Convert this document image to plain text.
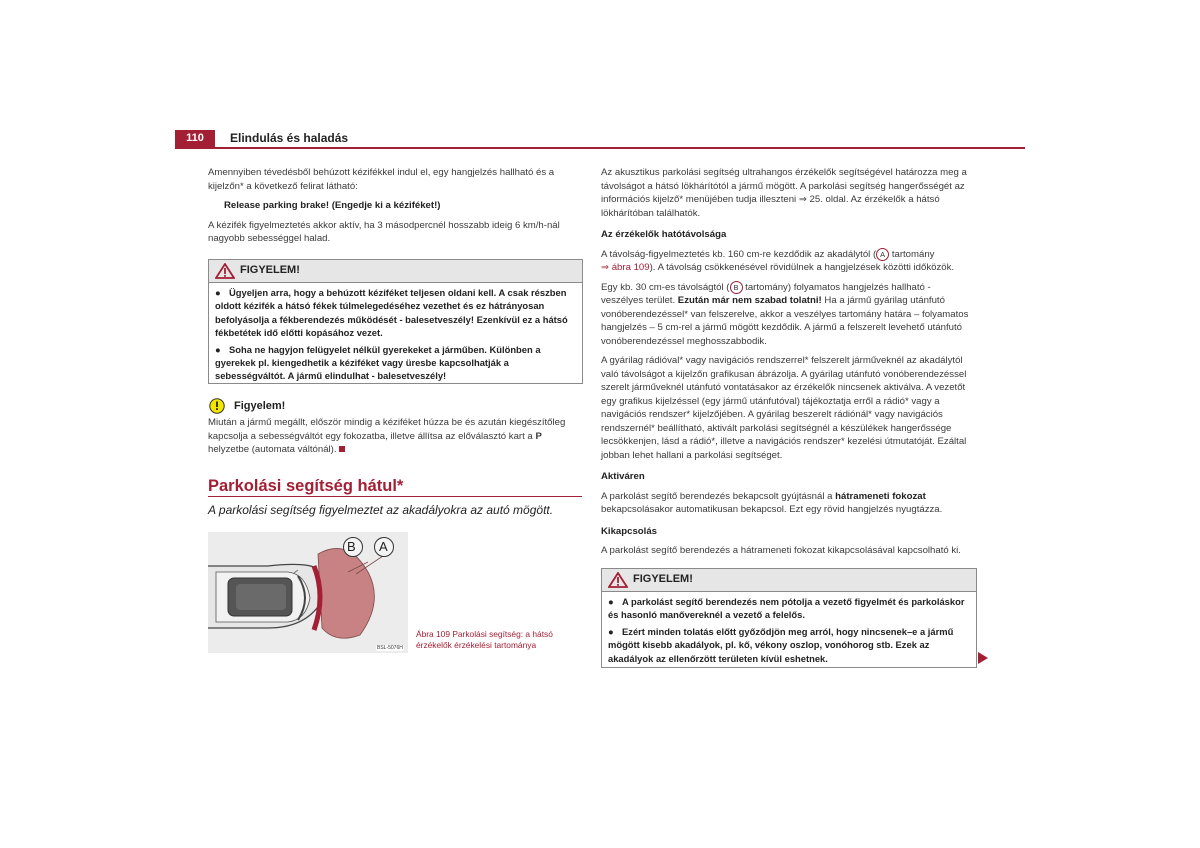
110	Elindulás és haladás

Amennyiben tévedésből behúzott kézifékkel indul el, egy hangjelzés hallható és a kijelzőn* a következő felirat látható:

Release parking brake! (Engedje ki a kéziféket!)

A kézifék figyelmeztetés akkor aktív, ha 3 másodpercnél hosszabb ideig 6 km/h-nál nagyobb sebességgel halad.

FIGYELEM!

● Ügyeljen arra, hogy a behúzott kéziféket teljesen oldani kell. A csak részben oldott kézifék a hátsó fékek túlmelegedéséhez vezethet és ez hátrányosan befolyásolja a fékberendezés működését - balesetveszély! Ezenkívül ez a hátsó fékbetétek idő előtti kopásához vezet.

● Soha ne hagyjon felügyelet nélkül gyerekeket a járműben. Különben a gyerekek pl. kiengedhetik a kéziféket vagy üresbe kapcsolhatják a sebességváltót. A jármű elindulhat - balesetveszély!

Figyelem!

Miután a jármű megállt, először mindig a kéziféket húzza be és azután kiegészítőleg kapcsolja a sebességváltót egy fokozatba, illetve állítsa az előválasztó kart a P helyzetbe (automata váltónál).

Parkolási segítség hátul*
A parkolási segítség figyelmeztet az akadályokra az autó mögött.
B A
BSL-5076H
Ábra 109 Parkolási segítség: a hátsó
érzékelők érzékelési tartománya

Az akusztikus parkolási segítség ultrahangos érzékelők segítségével határozza meg a távolságot a hátsó lökhárítótól a jármű mögött. A parkolási segítség hangerősségét az információs kijelző* menüjében tudja illeszteni ⇒ 25. oldal. Az érzékelők a hátsó lökhárítóban találhatók.

Az érzékelők hatótávolsága

A távolság-figyelmeztetés kb. 160 cm-re kezdődik az akadálytól ( A tartomány
⇒ ábra 109). A távolság csökkenésével rövidülnek a hangjelzések közötti időközök.

Egy kb. 30 cm-es távolságtól ( B tartomány) folyamatos hangjelzés hallható - veszélyes terület. Ezután már nem szabad tolatni! Ha a jármű gyárilag utánfutó vonóberendezéssel* van felszerelve, akkor a veszélyes tartomány határa – folyamatos hangjelzés – 5 cm-rel a jármű mögött kezdődik. A jármű a felszerelt levehető utánfutó vonóberendezéssel meghosszabbodik.

A gyárilag rádióval* vagy navigációs rendszerrel* felszerelt járműveknél az akadálytól való távolságot a kijelzőn grafikusan ábrázolja. A gyárilag utánfutó vonóberendezéssel szerelt járműveknél utánfutó vontatásakor az érzékelők nincsenek aktiválva. A vezetőt egy grafikus kijelzéssel (egy jármű utánfutóval) tájékoztatja erről a rádió* vagy a navigációs rendszer* kijelzőjében. A gyárilag beszerelt rádiónál* vagy navigációs rendszernél* beállítható, aktivált parkolási segítségnél a készülékek hangerőssége lecsökkenjen, lásd a rádió*, illetve a navigációs rendszer* kezelési útmutatóját. Ezáltal jobban lehet hallani a parkolási segítséget.

Aktiváren

A parkolást segítő berendezés bekapcsolt gyújtásnál a hátrameneti fokozat bekapcsolásakor automatikusan bekapcsol. Ezt egy rövid hangjelzés nyugtázza.

Kikapcsolás

A parkolást segítő berendezés a hátrameneti fokozat kikapcsolásával kapcsolható ki.

FIGYELEM!

● A parkolást segítő berendezés nem pótolja a vezető figyelmét és parkoláskor és hasonló manővereknél a vezető a felelős.

● Ezért minden tolatás előtt győződjön meg arról, hogy nincsenek–e a jármű mögött kisebb akadályok, pl. kő, vékony oszlop, vonóhorog stb. Ezek az akadályok az ellenőrzött területen kívül eshetnek.
